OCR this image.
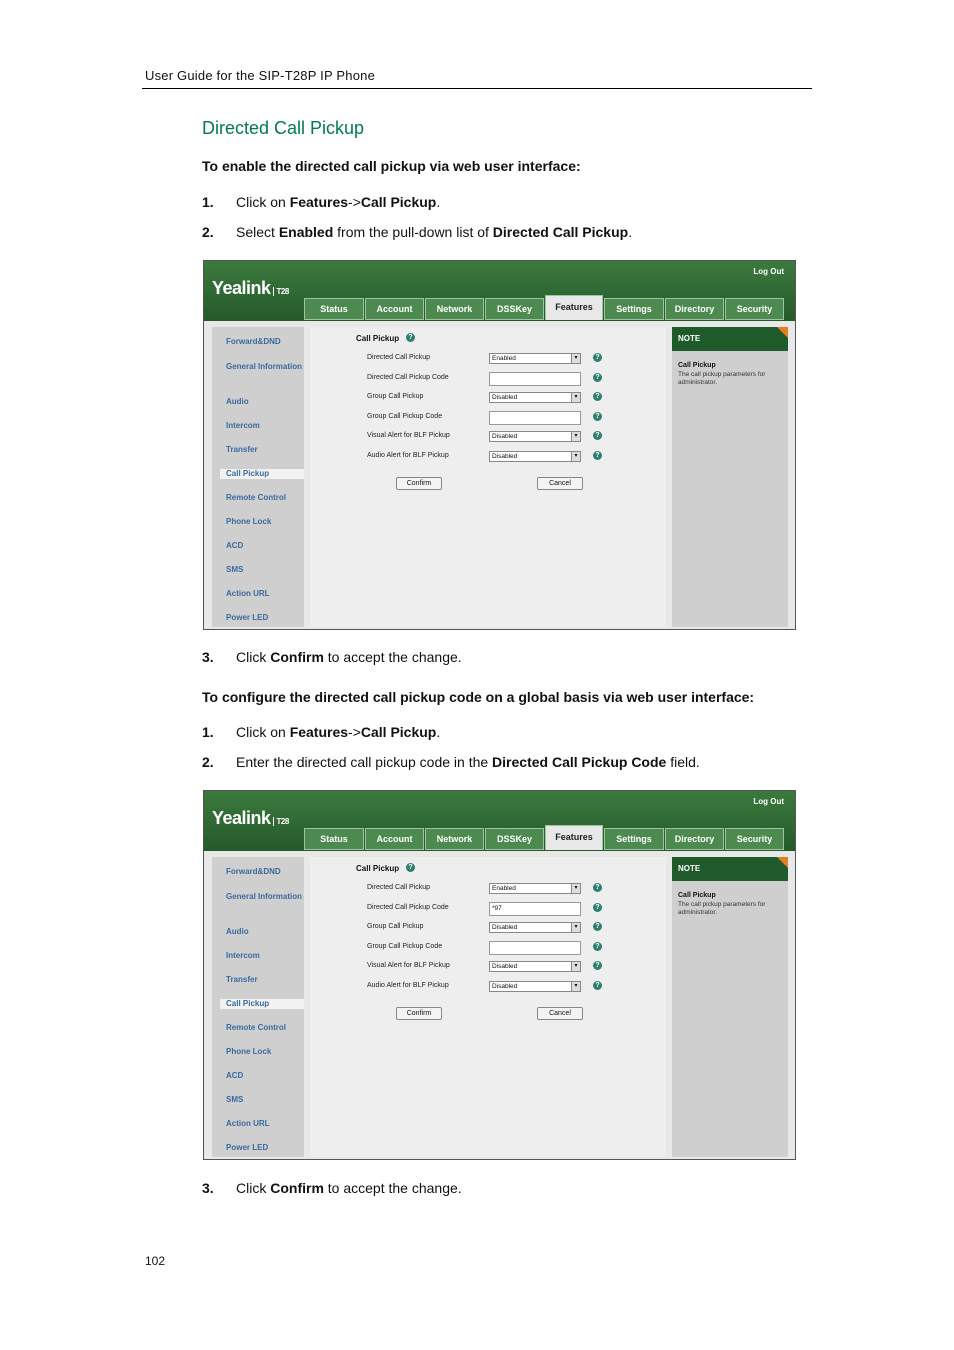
User Guide for the SIP-T28P IP Phone
Directed Call Pickup
To enable the directed call pickup via web user interface:
1.	Click on Features->Call Pickup.
2.	Select Enabled from the pull-down list of Directed Call Pickup.
Yealink T28
Log Out
Status	Account	Network	DSSKey	Features	Settings	Directory	Security
Forward&DND
General Information
Audio
Intercom
Transfer
Call Pickup
Remote Control
Phone Lock
ACD
SMS
Action URL
Power LED
Call Pickup	?
Directed Call Pickup	Enabled	▾	?
Directed Call Pickup Code	?
Group Call Pickup	Disabled	▾	?
Group Call Pickup Code	?
Visual Alert for BLF Pickup	Disabled	▾	?
Audio Alert for BLF Pickup	Disabled	▾	?
Confirm	Cancel
NOTE
Call Pickup
The call pickup parameters for administrator.
3.	Click Confirm to accept the change.
To configure the directed call pickup code on a global basis via web user interface:
1.	Click on Features->Call Pickup.
2.	Enter the directed call pickup code in the Directed Call Pickup Code field.
Yealink T28
Log Out
Status	Account	Network	DSSKey	Features	Settings	Directory	Security
Forward&DND
General Information
Audio
Intercom
Transfer
Call Pickup
Remote Control
Phone Lock
ACD
SMS
Action URL
Power LED
Call Pickup	?
Directed Call Pickup	Enabled	▾	?
Directed Call Pickup Code	*97	?
Group Call Pickup	Disabled	▾	?
Group Call Pickup Code	?
Visual Alert for BLF Pickup	Disabled	▾	?
Audio Alert for BLF Pickup	Disabled	▾	?
Confirm	Cancel
NOTE
Call Pickup
The call pickup parameters for administrator.
3.	Click Confirm to accept the change.
102
